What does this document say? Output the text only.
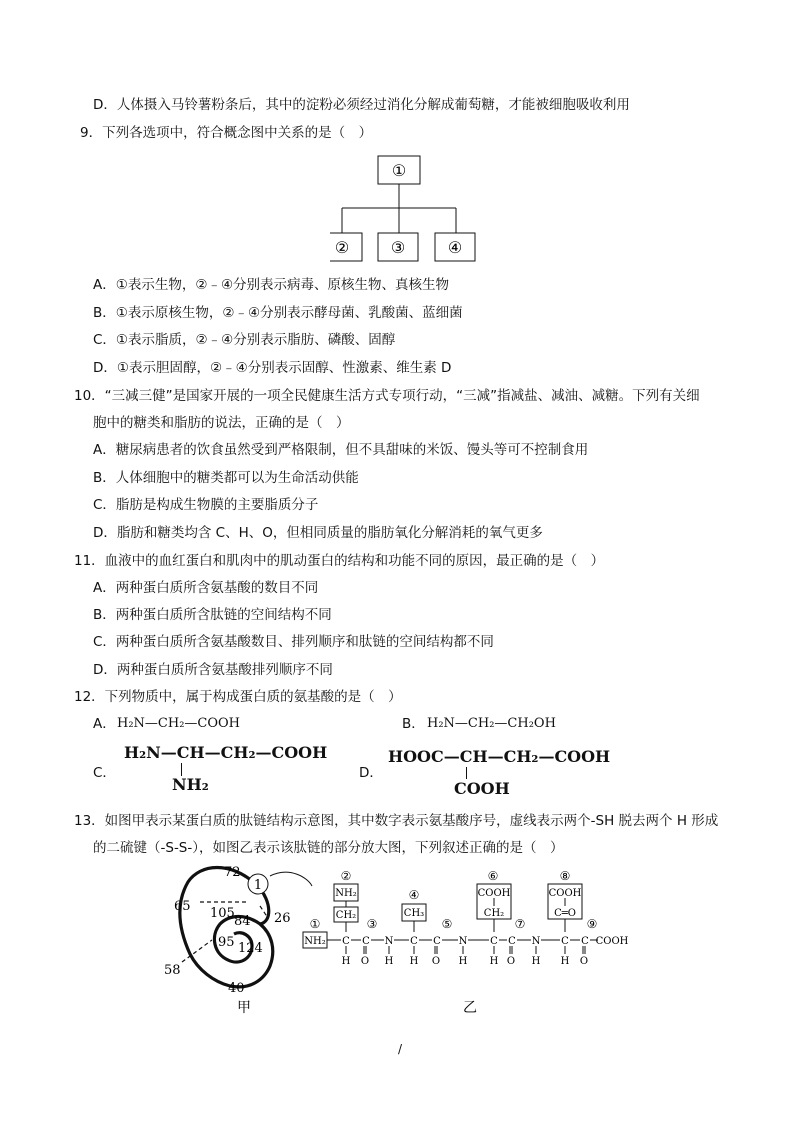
D．人体摄入马铃薯粉条后，其中的淀粉必须经过消化分解成葡萄糖，才能被细胞吸收利用
9．下列各选项中，符合概念图中关系的是（　）
①
②	③	④
A．①表示生物，②﹣④分别表示病毒、原核生物、真核生物
B．①表示原核生物，②﹣④分别表示酵母菌、乳酸菌、蓝细菌
C．①表示脂质，②﹣④分别表示脂肪、磷酸、固醇
D．①表示胆固醇，②﹣④分别表示固醇、性激素、维生素 D
10．“三减三健”是国家开展的一项全民健康生活方式专项行动，“三减”指减盐、减油、减糖。下列有关细
胞中的糖类和脂肪的说法，正确的是（　）
A．糖尿病患者的饮食虽然受到严格限制，但不具甜味的米饭、馒头等可不控制食用
B．人体细胞中的糖类都可以为生命活动供能
C．脂肪是构成生物膜的主要脂质分子
D．脂肪和糖类均含 C、H、O，但相同质量的脂肪氧化分解消耗的氧气更多
11．血液中的血红蛋白和肌肉中的肌动蛋白的结构和功能不同的原因，最正确的是（　）
A．两种蛋白质所含氨基酸的数目不同
B．两种蛋白质所含肽链的空间结构不同
C．两种蛋白质所含氨基酸数目、排列顺序和肽链的空间结构都不同
D．两种蛋白质所含氨基酸排列顺序不同
12．下列物质中，属于构成蛋白质的氨基酸的是（　）
A． H₂N—CH₂—COOH	B． H₂N—CH₂—CH₂OH
C．
H₂N—CH—CH₂—COOH
NH₂
D．
HOOC—CH—CH₂—COOH
COOH
13．如图甲表示某蛋白质的肽链结构示意图，其中数字表示氨基酸序号，虚线表示两个-SH 脱去两个 H 形成
的二硫键（-S-S-），如图乙表示该肽链的部分放大图，下列叙述正确的是（　）
1
72
65 105
84 26
95 124
58
40
甲
①
②
③
④
⑤
⑥
⑦
⑧
⑨
NH₂
CH₂	CH₃
COOH
CH₂
COOH
C═O
NH₂ C C N C C N C C N C C COOH
H O H H O H H O H H O
乙
/
